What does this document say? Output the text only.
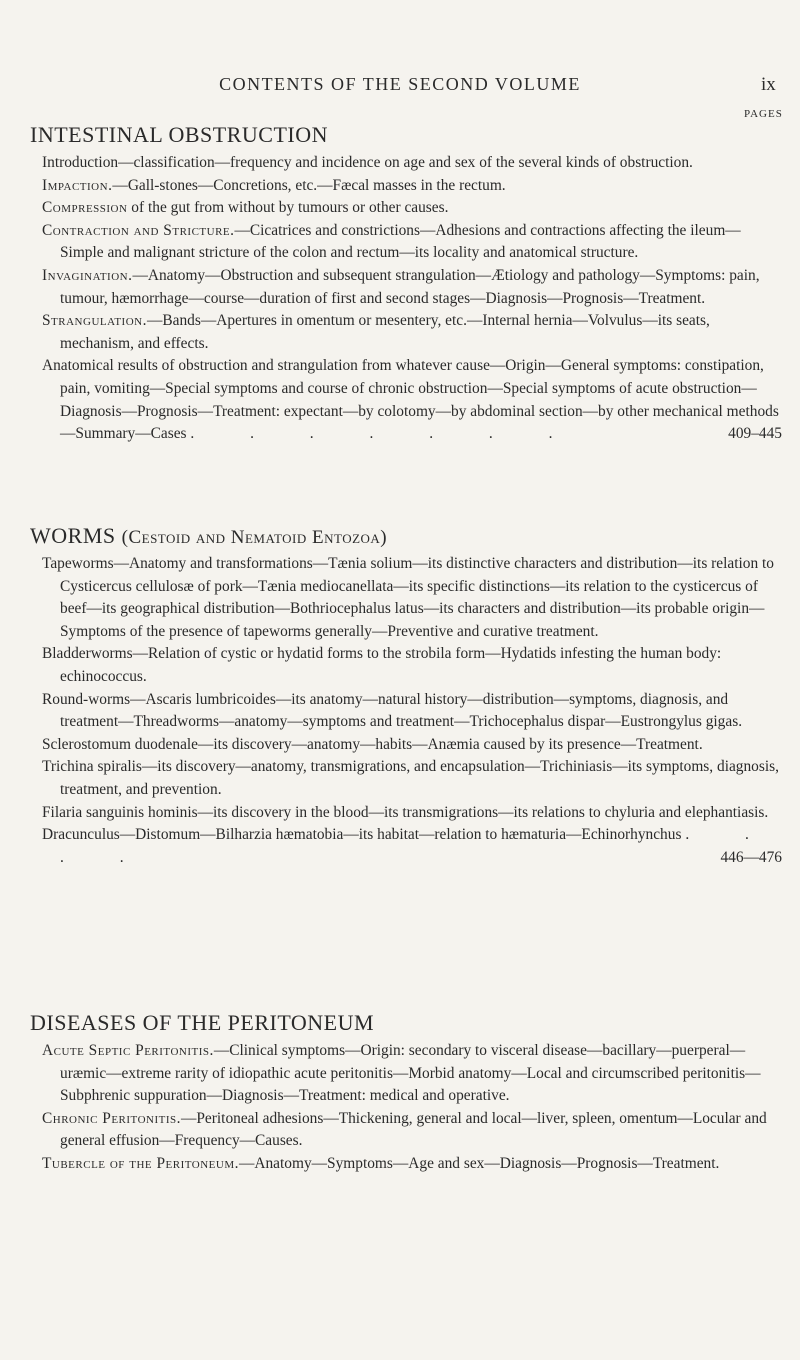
CONTENTS OF THE SECOND VOLUME	ix
PAGES
INTESTINAL OBSTRUCTION

Introduction—classification—frequency and incidence on age and sex of the several kinds of obstruction.

Impaction.—Gall-stones—Concretions, etc.—Fæcal masses in the rectum.

Compression of the gut from without by tumours or other causes.

Contraction and Stricture.—Cicatrices and constrictions—Adhesions and contractions affecting the ileum—Simple and malignant stricture of the colon and rectum—its locality and anatomical structure.

Invagination.—Anatomy—Obstruction and subsequent strangulation—Ætiology and pathology—Symptoms: pain, tumour, hæmorrhage—course—duration of first and second stages—Diagnosis—Prognosis—Treatment.

Strangulation.—Bands—Apertures in omentum or mesentery, etc.—Internal hernia—Volvulus—its seats, mechanism, and effects.

Anatomical results of obstruction and strangulation from whatever cause—Origin—General symptoms: constipation, pain, vomiting—Special symptoms and course of chronic obstruction—Special symptoms of acute obstruction—Diagnosis—Prognosis—Treatment: expectant—by colotomy—by abdominal section—by other mechanical methods—Summary—Cases . . . . . . .	409–445

WORMS (Cestoid and Nematoid Entozoa)

Tapeworms—Anatomy and transformations—Tænia solium—its distinctive characters and distribution—its relation to Cysticercus cellulosæ of pork—Tænia mediocanellata—its specific distinctions—its relation to the cysticercus of beef—its geographical distribution—Bothriocephalus latus—its characters and distribution—its probable origin—Symptoms of the presence of tapeworms generally—Preventive and curative treatment.

Bladderworms—Relation of cystic or hydatid forms to the strobila form—Hydatids infesting the human body: echinococcus.

Round-worms—Ascaris lumbricoides—its anatomy—natural history—distribution—symptoms, diagnosis, and treatment—Threadworms—anatomy—symptoms and treatment—Trichocephalus dispar—Eustrongylus gigas.

Sclerostomum duodenale—its discovery—anatomy—habits—Anæmia caused by its presence—Treatment.

Trichina spiralis—its discovery—anatomy, transmigrations, and encapsulation—Trichiniasis—its symptoms, diagnosis, treatment, and prevention.

Filaria sanguinis hominis—its discovery in the blood—its transmigrations—its relations to chyluria and elephantiasis.

Dracunculus—Distomum—Bilharzia hæmatobia—its habitat—relation to hæmaturia—Echinorhynchus . . . .	446—476

DISEASES OF THE PERITONEUM

Acute Septic Peritonitis.—Clinical symptoms—Origin: secondary to visceral disease—bacillary—puerperal—uræmic—extreme rarity of idiopathic acute peritonitis—Morbid anatomy—Local and circumscribed peritonitis—Subphrenic suppuration—Diagnosis—Treatment: medical and operative.

Chronic Peritonitis.—Peritoneal adhesions—Thickening, general and local—liver, spleen, omentum—Locular and general effusion—Frequency—Causes.

Tubercle of the Peritoneum.—Anatomy—Symptoms—Age and sex—Diagnosis—Prognosis—Treatment.
